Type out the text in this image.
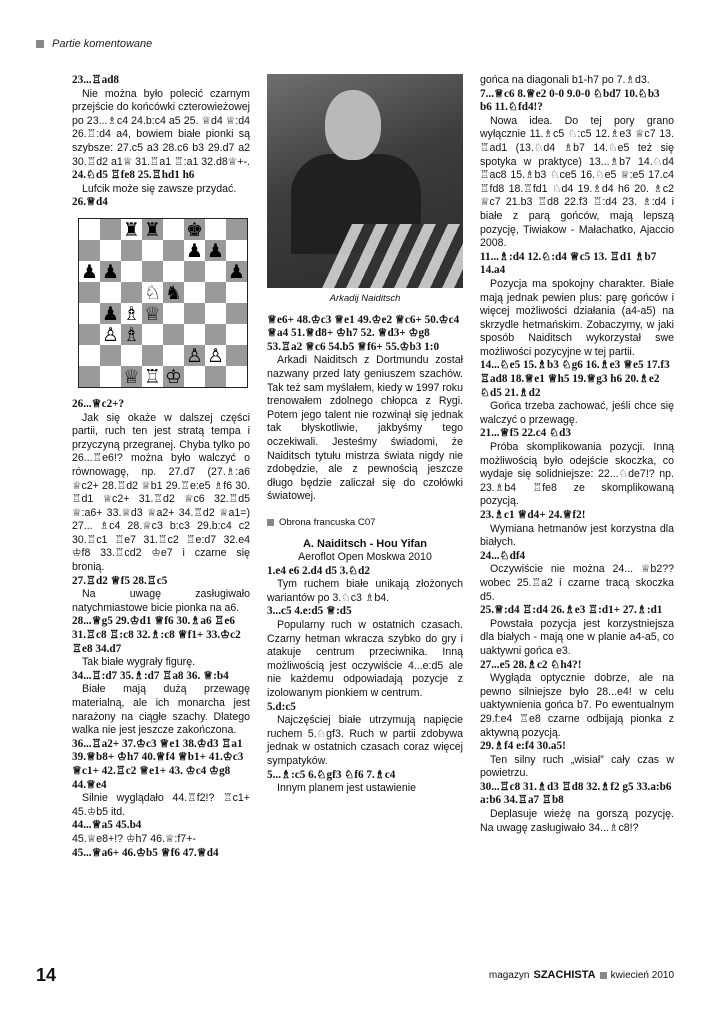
Partie komentowane

23...♖ad8

Nie można było polecić czarnym przejście do końcówki czterowieżowej po 23...♗c4 24.b:c4 a5 25. ♕d4 ♕:d4 26.♖:d4 a4, bowiem białe pionki są szybsze: 27.c5 a3 28.c6 b3 29.d7 a2 30.♖d2 a1♕ 31.♖a1 ♖:a1 32.d8♕+-.

24.♘d5 ♖fe8 25.♖hd1 h6

Lufcik może się zawsze przydać.

26.♕d4

26...♕c2+?

Jak się okaże w dalszej części partii, ruch ten jest stratą tempa i przyczyną przegranej. Chyba tylko po 26...♖e6!? można było walczyć o równowagę, np. 27.d7 (27.♗:a6 ♕c2+ 28.♖d2 ♕b1 29.♖e:e5 ♗f6 30. ♖d1 ♕c2+ 31.♖d2 ♕c6 32.♖d5 ♕:a6+ 33.♕d3 ♕a2+ 34.♖d2 ♕a1=) 27... ♗c4 28.♕c3 b:c3 29.b:c4 c2 30.♖c1 ♖e7 31.♖c2 ♖e:d7 32.e4 ♔f8 33.♖cd2 ♔e7 i czarne się bronią.

27.♖d2 ♕f5 28.♖c5

Na uwagę zasługiwało natychmiastowe bicie pionka na a6.

28...♕g5 29.♔d1 ♕f6 30.♗a6 ♖e6 31.♖c8 ♖:c8 32.♗:c8 ♕f1+ 33.♔c2 ♖e8 34.d7

Tak białe wygrały figurę.

34...♖:d7 35.♗:d7 ♖a8 36. ♕:b4

Białe mają dużą przewagę materialną, ale ich monarcha jest narażony na ciągłe szachy. Dlatego walka nie jest jeszcze zakończona.

36...♖a2+ 37.♔c3 ♕e1 38.♔d3 ♖a1 39.♕b8+ ♔h7 40.♕f4 ♕b1+ 41.♔c3 ♕c1+ 42.♖c2 ♕e1+ 43. ♔c4 ♔g8 44.♕e4

Silnie wyglądało 44.♖f2!? ♖c1+ 45.♔b5 itd.

44...♕a5 45.b4

45.♕e8+!? ♔h7 46.♕:f7+-

45...♕a6+ 46.♔b5 ♕f6 47.♕d4

Arkadij Naiditsch

♕e6+ 48.♔c3 ♕e1 49.♔e2 ♕c6+ 50.♔c4 ♕a4 51.♕d8+ ♔h7 52. ♕d3+ ♔g8 53.♖a2 ♕c6 54.b5 ♕f6+ 55.♔b3 1:0

Arkadi Naiditsch z Dortmundu został nazwany przed laty geniuszem szachów. Tak też sam myślałem, kiedy w 1997 roku trenowałem zdolnego chłopca z Rygi. Potem jego talent nie rozwinął się jednak tak błyskotliwie, jakbyśmy tego oczekiwali. Jesteśmy świadomi, że Naiditsch tytułu mistrza świata nigdy nie zdobędzie, ale z pewnością jeszcze długo będzie zaliczał się do czołówki światowej.

Obrona francuska C07
A. Naiditsch - Hou Yifan
Aeroflot Open Moskwa 2010

1.e4 e6 2.d4 d5 3.♘d2

Tym ruchem białe unikają złożonych wariantów po 3.♘c3 ♗b4.

3...c5 4.e:d5 ♕:d5

Popularny ruch w ostatnich czasach. Czarny hetman wkracza szybko do gry i atakuje centrum przeciwnika. Inną możliwością jest oczywiście 4...e:d5 ale nie każdemu odpowiadają pozycje z izolowanym pionkiem w centrum.

5.d:c5

Najczęściej białe utrzymują napięcie ruchem 5.♘gf3. Ruch w partii zdobywa jednak w ostatnich czasach coraz więcej sympatyków.

5...♗:c5 6.♘gf3 ♘f6 7.♗c4

Innym planem jest ustawienie

gońca na diagonali b1-h7 po 7.♗d3.

7...♕c6 8.♕e2 0-0 9.0-0 ♘bd7 10.♘b3 b6 11.♘fd4!?

Nowa idea. Do tej pory grano wyłącznie 11.♗c5 ♘:c5 12.♗e3 ♕c7 13. ♖ad1 (13.♘d4 ♗b7 14.♘e5 też się spotyka w praktyce) 13...♗b7 14.♘d4 ♖ac8 15.♗b3 ♘ce5 16.♘e5 ♕:e5 17.c4 ♖fd8 18.♖fd1 ♘d4 19.♗d4 h6 20. ♗c2 ♕c7 21.b3 ♖d8 22.f3 ♖:d4 23. ♗:d4 i białe z parą gońców, mają lepszą pozycję, Tiwiakow - Małachatko, Ajaccio 2008.

11...♗:d4 12.♘:d4 ♕c5 13. ♖d1 ♗b7 14.a4

Pozycja ma spokojny charakter. Białe mają jednak pewien plus: parę gońców i więcej możliwości działania (a4-a5) na skrzydle hetmańskim. Zobaczymy, w jaki sposób Naiditsch wykorzystał swe możliwości pozycyjne w tej partii.

14...♘e5 15.♗b3 ♘g6 16.♗e3 ♕e5 17.f3 ♖ad8 18.♕e1 ♕h5 19.♕g3 h6 20.♗e2 ♘d5 21.♗d2

Gońca trzeba zachować, jeśli chce się walczyć o przewagę.

21...♕f5 22.c4 ♘d3

Próba skomplikowania pozycji. Inną możliwością było odejście skoczka, co wydaje się solidniejsze: 22...♘de7!? np. 23.♗b4 ♖fe8 ze skomplikowaną pozycją.

23.♗c1 ♕d4+ 24.♕f2!

Wymiana hetmanów jest korzystna dla białych.

24...♘df4

Oczywiście nie można 24... ♕b2?? wobec 25.♖a2 i czarne tracą skoczka d5.

25.♕:d4 ♖:d4 26.♗e3 ♖:d1+ 27.♗:d1

Powstała pozycja jest korzystniejsza dla białych - mają one w planie a4-a5, co uaktywni gońca e3.

27...e5 28.♗c2 ♘h4?!

Wygląda optycznie dobrze, ale na pewno silniejsze było 28...e4! w celu uaktywnienia gońca b7. Po ewentualnym 29.f:e4 ♖e8 czarne odbijają pionka z aktywną pozycją.

29.♗f4 e:f4 30.a5!

Ten silny ruch „wisiał” cały czas w powietrzu.

30...♖c8 31.♗d3 ♖d8 32.♗f2 g5 33.a:b6 a:b6 34.♖a7 ♖b8

Deplasuje wieżę na gorszą pozycję. Na uwagę zasługiwało 34...♗c8!?

14	magazyn SZACHISTA kwiecień 2010
